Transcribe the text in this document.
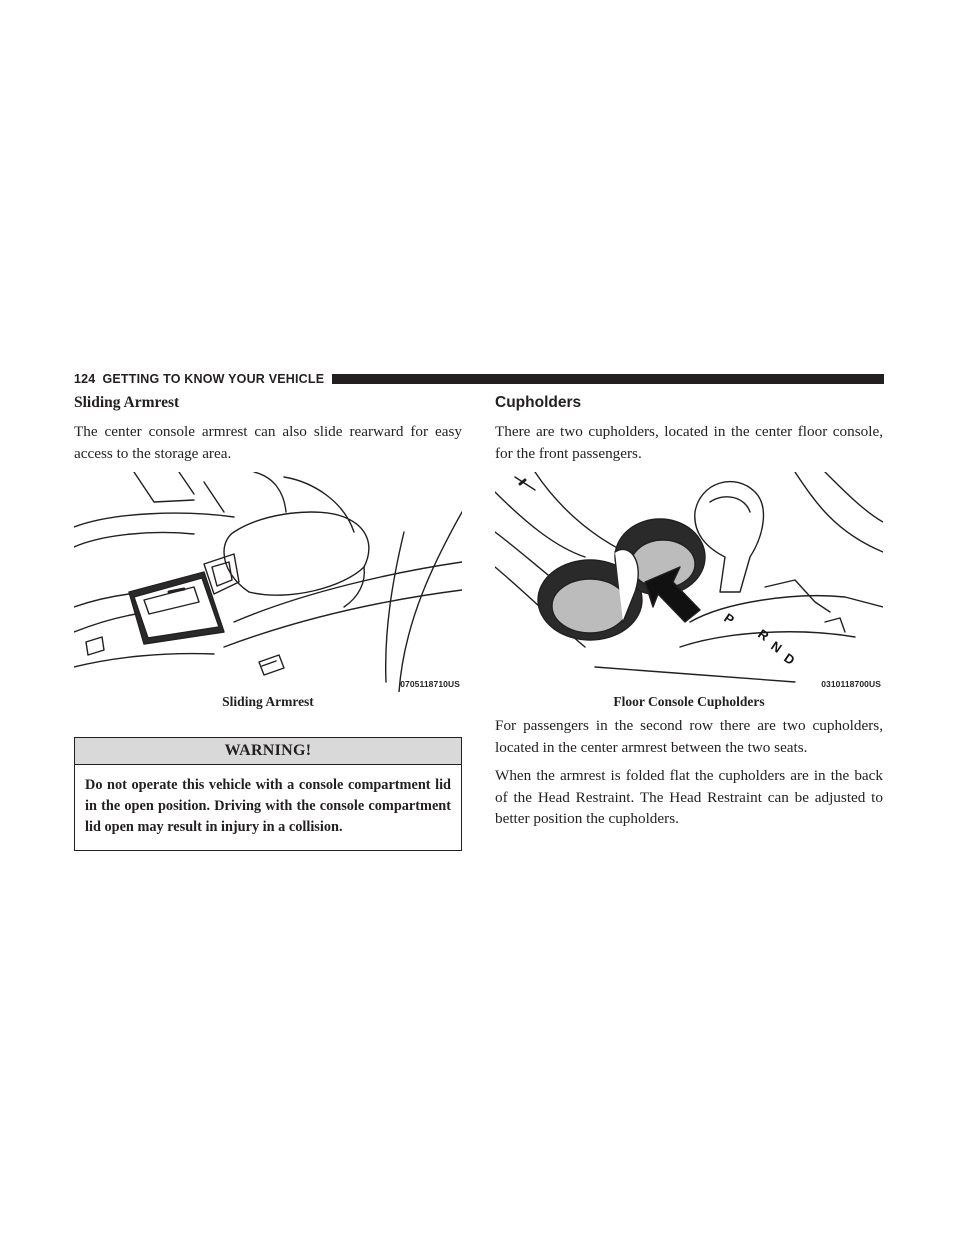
124 GETTING TO KNOW YOUR VEHICLE
Sliding Armrest

The center console armrest can also slide rearward for easy access to the storage area.

0705118710US
Sliding Armrest
WARNING!
Do not operate this vehicle with a console compartment lid in the open position. Driving with the console compartment lid open may result in injury in a collision.
Cupholders

There are two cupholders, located in the center floor console, for the front passengers.

P
R
N
D
0310118700US
Floor Console Cupholders

For passengers in the second row there are two cupholders, located in the center armrest between the two seats.

When the armrest is folded flat the cupholders are in the back of the Head Restraint. The Head Restraint can be adjusted to better position the cupholders.
